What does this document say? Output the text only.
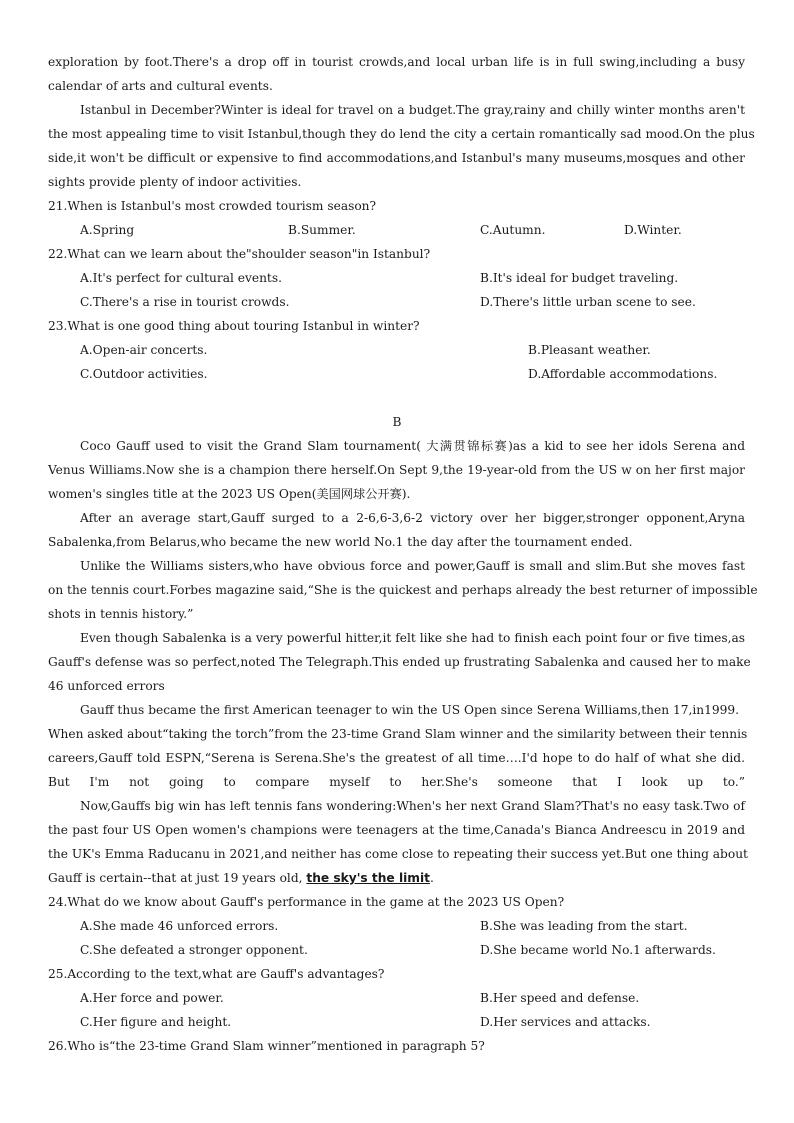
exploration by foot.There's a drop off in tourist crowds,and local urban life is in full swing,including a busy
calendar of arts and cultural events.
Istanbul in December?Winter is ideal for travel on a budget.The gray,rainy and chilly winter months aren't
the most appealing time to visit Istanbul,though they do lend the city a certain romantically sad mood.On the plus
side,it won't be difficult or expensive to find accommodations,and Istanbul's many museums,mosques and other
sights provide plenty of indoor activities.
21.When is Istanbul's most crowded tourism season?
A.Spring	B.Summer.	C.Autumn.	D.Winter.
22.What can we learn about the"shoulder season"in Istanbul?
A.It's perfect for cultural events.	B.It's ideal for budget traveling.
C.There's a rise in tourist crowds.	D.There's little urban scene to see.
23.What is one good thing about touring Istanbul in winter?
A.Open-air concerts.	B.Pleasant weather.
C.Outdoor activities.	D.Affordable accommodations.
B
Coco Gauff used to visit the Grand Slam tournament( 大满贯锦标赛)as a kid to see her idols Serena and
Venus Williams.Now she is a champion there herself.On Sept 9,the 19-year-old from the US w on her first major
women's singles title at the 2023 US Open(美国网球公开赛).
After an average start,Gauff surged to a 2-6,6-3,6-2 victory over her bigger,stronger opponent,Aryna
Sabalenka,from Belarus,who became the new world No.1 the day after the tournament ended.
Unlike the Williams sisters,who have obvious force and power,Gauff is small and slim.But she moves fast
on the tennis court.Forbes magazine said,“She is the quickest and perhaps already the best returner of impossible
shots in tennis history.”
Even though Sabalenka is a very powerful hitter,it felt like she had to finish each point four or five times,as
Gauff's defense was so perfect,noted The Telegraph.This ended up frustrating Sabalenka and caused her to make
46 unforced errors
Gauff thus became the first American teenager to win the US Open since Serena Williams,then 17,in1999.
When asked about“taking the torch”from the 23-time Grand Slam winner and the similarity between their tennis
careers,Gauff told ESPN,“Serena is Serena.She's the greatest of all time….I'd hope to do half of what she did.
But I'm not going to compare myself to her.She's someone that I look up to.”
Now,Gauffs big win has left tennis fans wondering:When's her next Grand Slam?That's no easy task.Two of
the past four US Open women's champions were teenagers at the time,Canada's Bianca Andreescu in 2019 and
the UK's Emma Raducanu in 2021,and neither has come close to repeating their success yet.But one thing about
Gauff is certain--that at just 19 years old, the sky's the limit.
24.What do we know about Gauff's performance in the game at the 2023 US Open?
A.She made 46 unforced errors.	B.She was leading from the start.
C.She defeated a stronger opponent.	D.She became world No.1 afterwards.
25.According to the text,what are Gauff's advantages?
A.Her force and power.	B.Her speed and defense.
C.Her figure and height.	D.Her services and attacks.
26.Who is“the 23-time Grand Slam winner”mentioned in paragraph 5?
